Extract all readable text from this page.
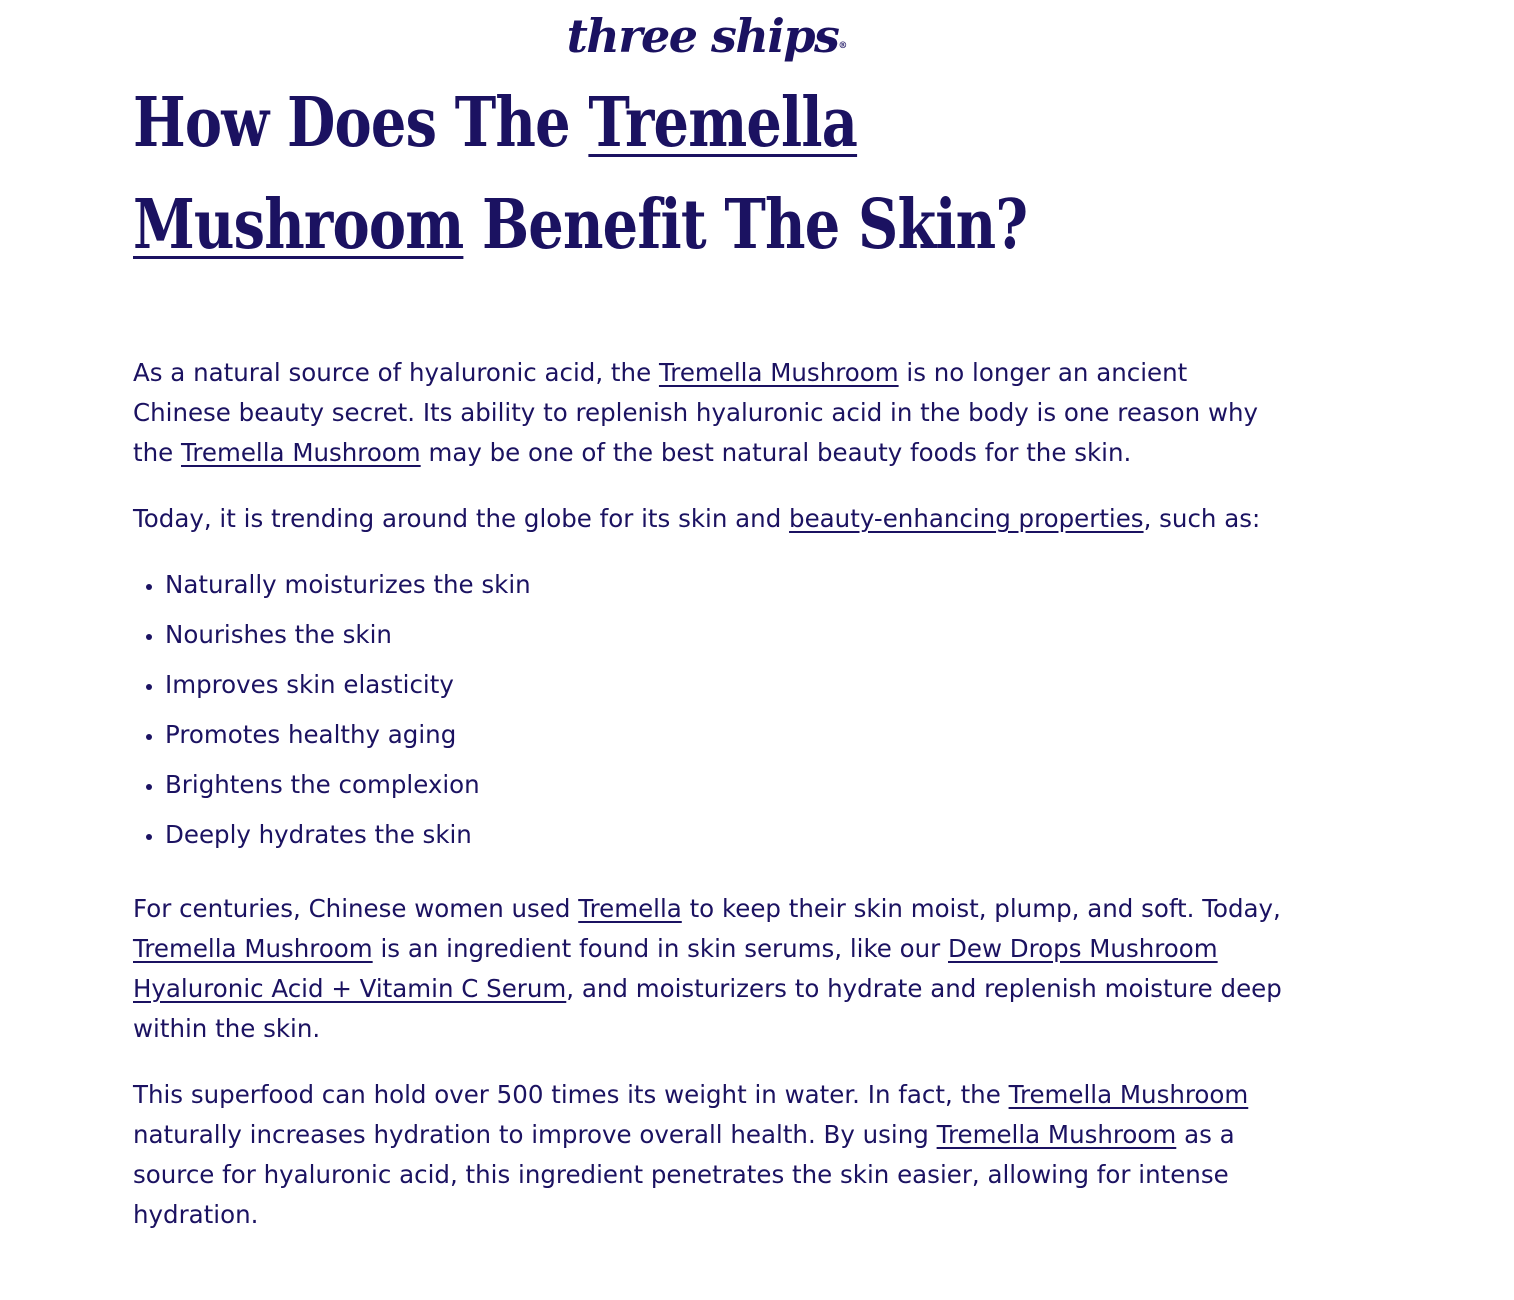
three ships®
How Does The Tremella Mushroom Benefit The Skin?

As a natural source of hyaluronic acid, the Tremella Mushroom is no longer an ancient Chinese beauty secret. Its ability to replenish hyaluronic acid in the body is one reason why the Tremella Mushroom may be one of the best natural beauty foods for the skin.

Today, it is trending around the globe for its skin and beauty-enhancing properties, such as:

• Naturally moisturizes the skin
• Nourishes the skin
• Improves skin elasticity
• Promotes healthy aging
• Brightens the complexion
• Deeply hydrates the skin

For centuries, Chinese women used Tremella to keep their skin moist, plump, and soft. Today, Tremella Mushroom is an ingredient found in skin serums, like our Dew Drops Mushroom Hyaluronic Acid + Vitamin C Serum, and moisturizers to hydrate and replenish moisture deep within the skin.

This superfood can hold over 500 times its weight in water. In fact, the Tremella Mushroom naturally increases hydration to improve overall health. By using Tremella Mushroom as a source for hyaluronic acid, this ingredient penetrates the skin easier, allowing for intense hydration.
